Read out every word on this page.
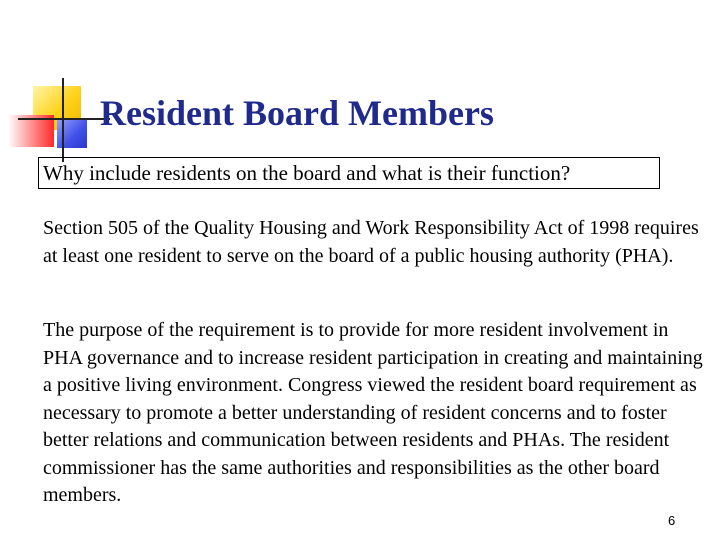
Resident Board Members
Why include residents on the board and what is their function?

Section 505 of the Quality Housing and Work Responsibility Act of 1998 requires at least one resident to serve on the board of a public housing authority (PHA).

The purpose of the requirement is to provide for more resident involvement in PHA governance and to increase resident participation in creating and maintaining a positive living environment. Congress viewed the resident board requirement as necessary to promote a better understanding of resident concerns and to foster better relations and communication between residents and PHAs. The resident commissioner has the same authorities and responsibilities as the other board members.

6
